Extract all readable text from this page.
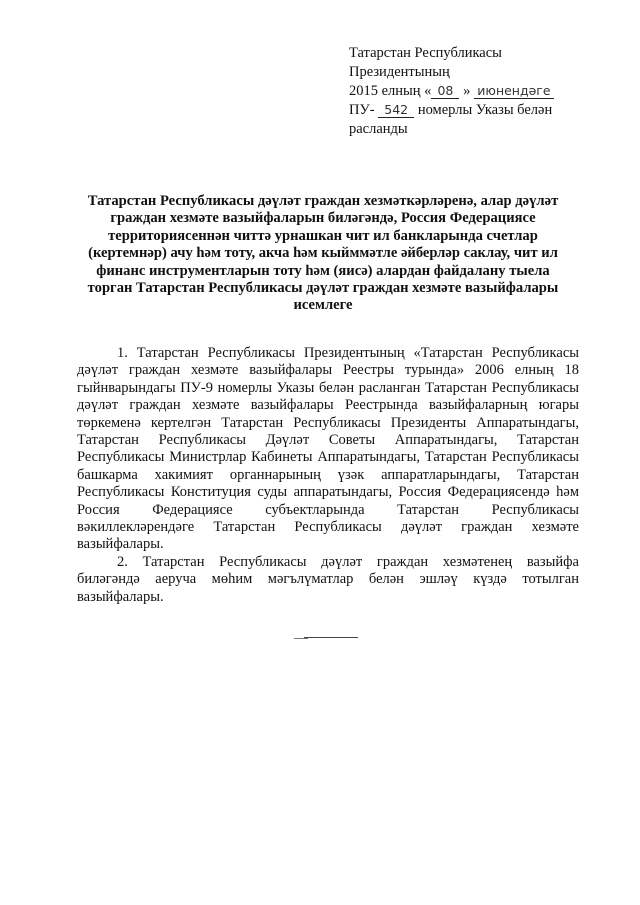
Татарстан Республикасы
Президентының
2015 елның « 08 » июнендәге
ПУ- 542 номерлы Указы белән
расланды
Татарстан Республикасы дәүләт граждан хезмәткәрләренә, алар дәүләт граждан хезмәте вазыйфаларын биләгәндә, Россия Федерациясе территориясеннән читтә урнашкан чит ил банкларында счетлар (кертемнәр) ачу һәм тоту, акча һәм кыйммәтле әйберләр саклау, чит ил финанс инструментларын тоту һәм (яисә) алардан файдалану тыела торган Татарстан Республикасы дәүләт граждан хезмәте вазыйфалары исемлеге

1. Татарстан Республикасы Президентының «Татарстан Республикасы дәүләт граждан хезмәте вазыйфалары Реестры турында» 2006 елның 18 гыйнварындагы ПУ-9 номерлы Указы белән расланган Татарстан Республикасы дәүләт граждан хезмәте вазыйфалары Реестрында вазыйфаларның югары төркеменә кертелгән Татарстан Республикасы Президенты Аппаратындагы, Татарстан Республикасы Дәүләт Советы Аппаратындагы, Татарстан Республикасы Министрлар Кабинеты Аппаратындагы, Татарстан Республикасы башкарма хакимият органнарының үзәк аппаратларындагы, Татарстан Республикасы Конституция суды аппаратындагы, Россия Федерациясендә һәм Россия Федерациясе субъектларында Татарстан Республикасы вәкиллекләрендәге Татарстан Республикасы дәүләт граждан хезмәте вазыйфалары.

2. Татарстан Республикасы дәүләт граждан хезмәтенең вазыйфа биләгәндә аеруча мөһим мәгълүматлар белән эшләү күздә тотылган вазыйфалары.
